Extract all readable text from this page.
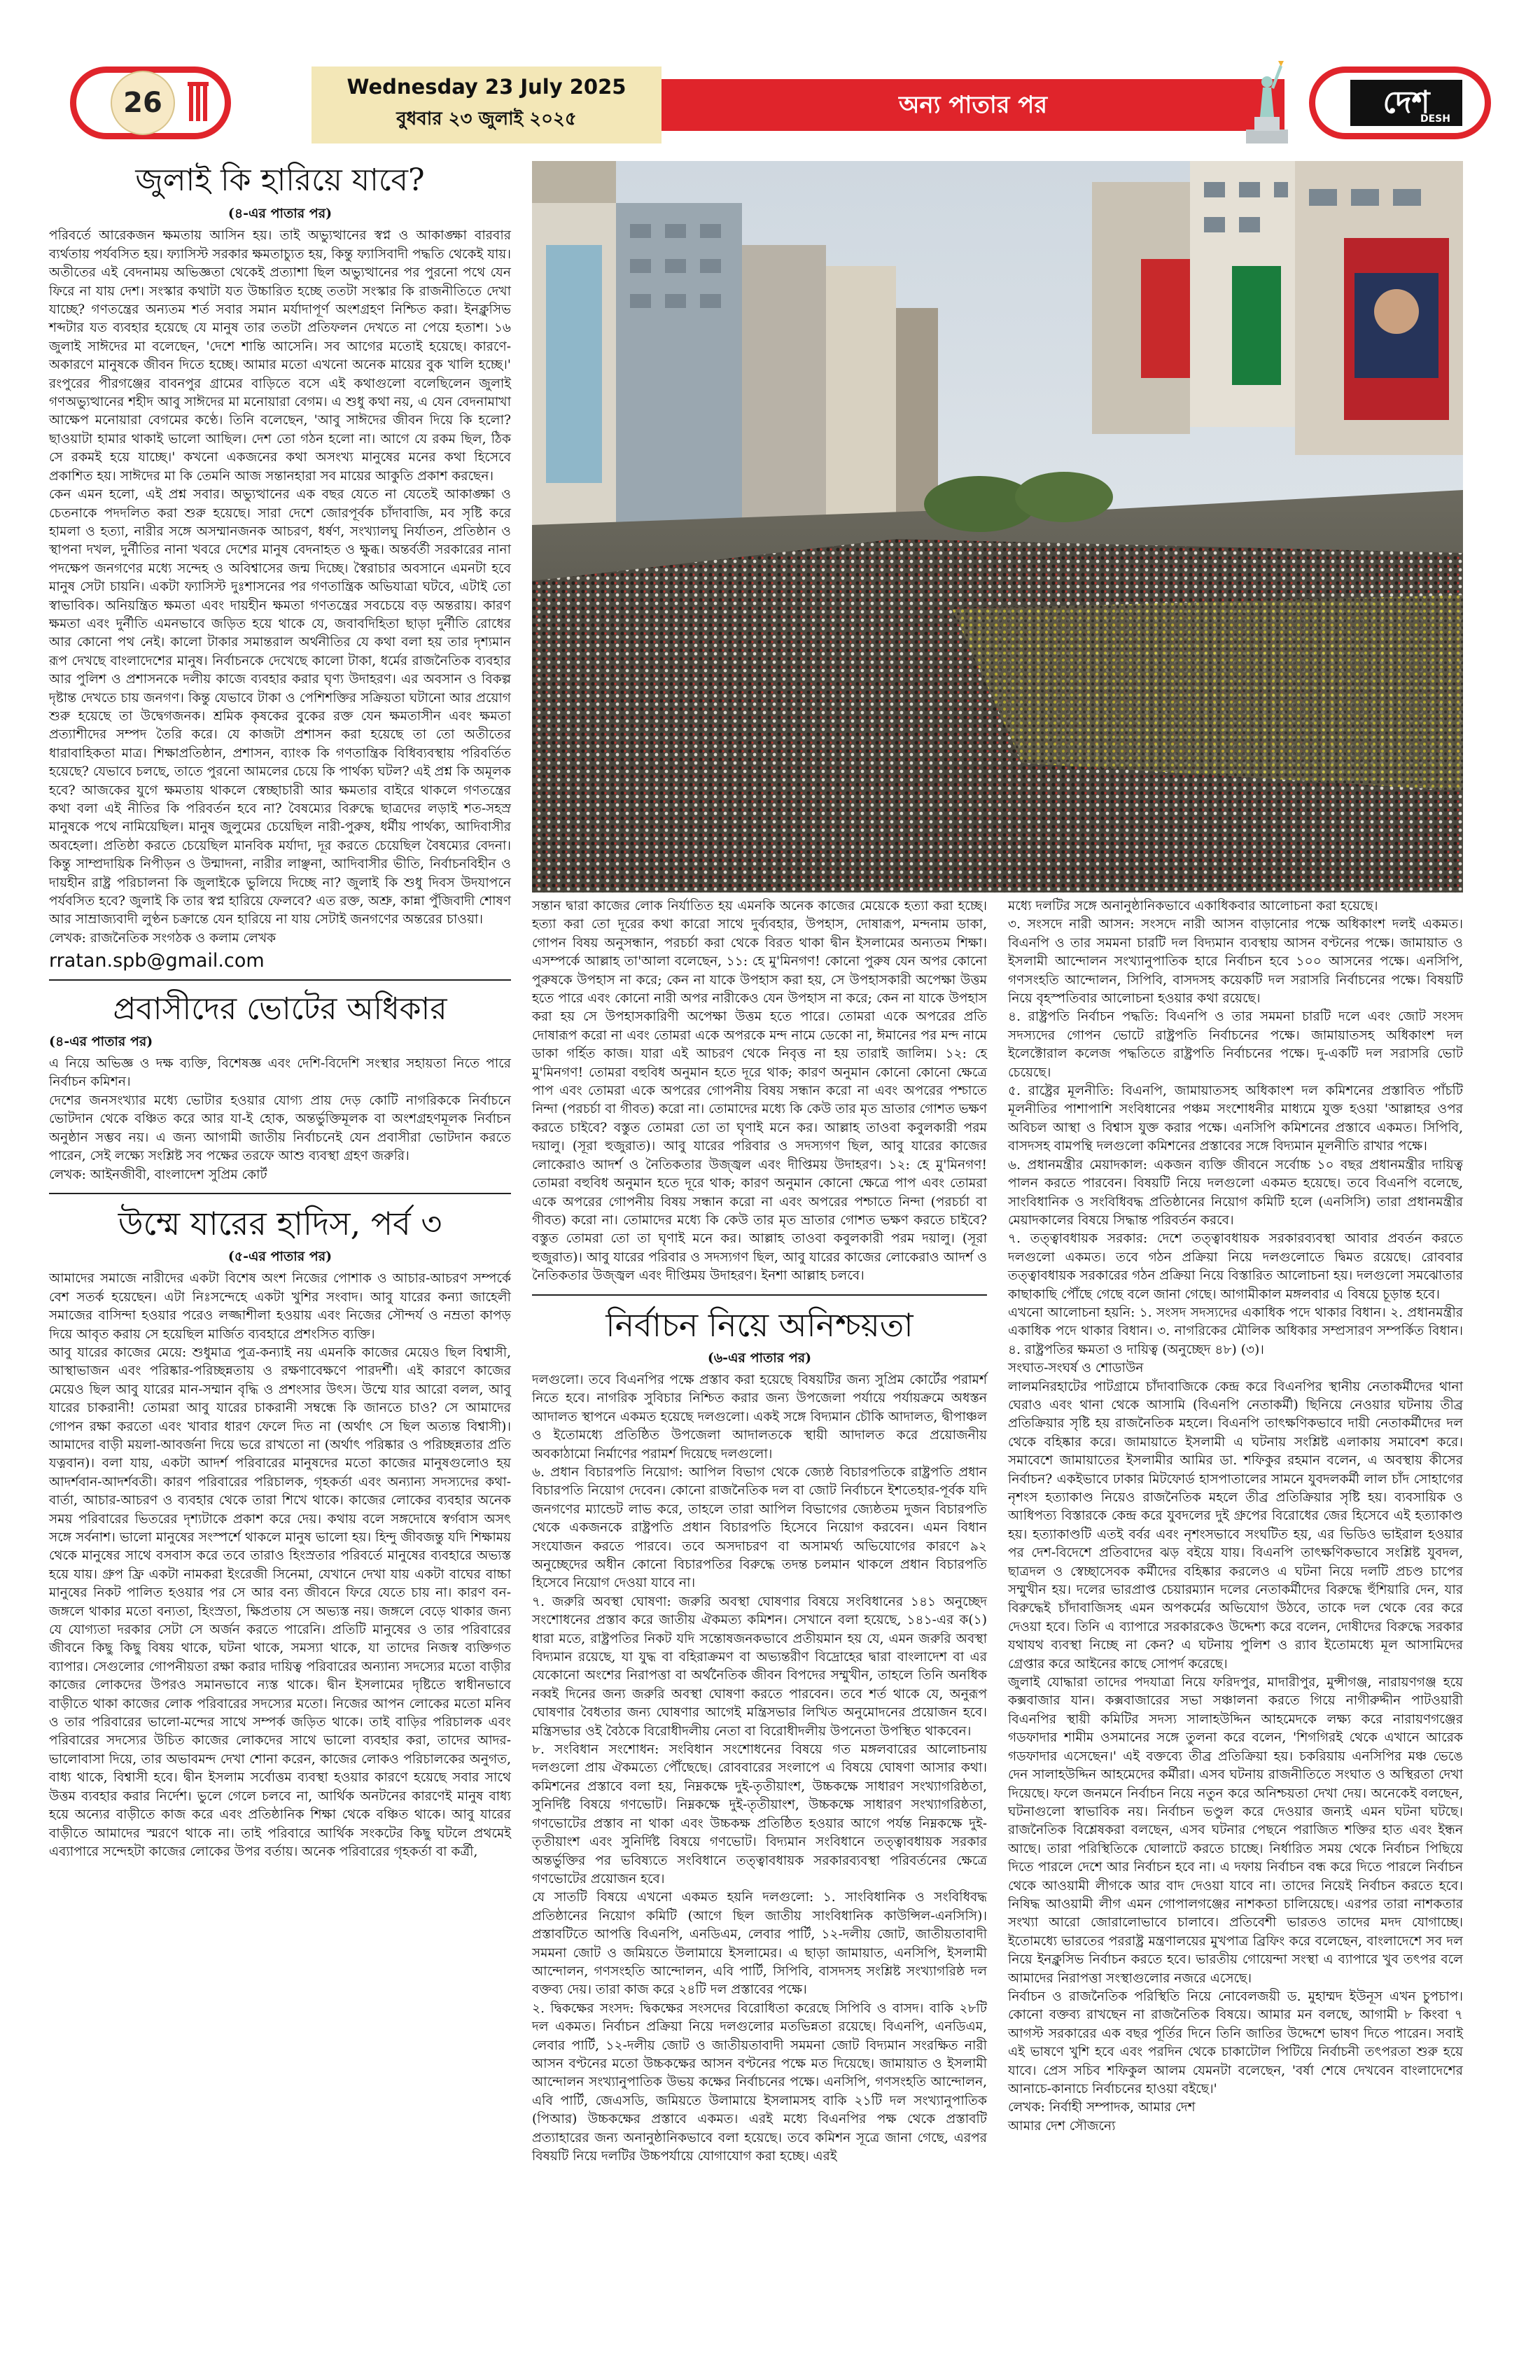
26	Wednesday 23 July 2025
বুধবার ২৩ জুলাই ২০২৫	অন্য পাতার পর	দেশ
DESH
জুলাই কি হারিয়ে যাবে?
(৪-এর পাতার পর)

পরিবর্তে আরেকজন ক্ষমতায় আসিন হয়। তাই অভ্যুত্থানের স্বপ্ন ও আকাঙ্ক্ষা বারবার ব্যর্থতায় পর্যবসিত হয়। ফ্যাসিস্ট সরকার ক্ষমতাচ্যুত হয়, কিন্তু ফ্যাসিবাদী পদ্ধতি থেকেই যায়। অতীতের এই বেদনাময় অভিজ্ঞতা থেকেই প্রত্যাশা ছিল অভ্যুত্থানের পর পুরনো পথে যেন ফিরে না যায় দেশ। সংস্কার কথাটা যত উচ্চারিত হচ্ছে ততটা সংস্কার কি রাজনীতিতে দেখা যাচ্ছে? গণতন্ত্রের অন্যতম শর্ত সবার সমান মর্যাদাপূর্ণ অংশগ্রহণ নিশ্চিত করা। ইনক্লুসিভ শব্দটার যত ব্যবহার হয়েছে যে মানুষ তার ততটা প্রতিফলন দেখতে না পেয়ে হতাশ। ১৬ জুলাই সাঈদের মা বলেছেন, 'দেশে শান্তি আসেনি। সব আগের মতোই হয়েছে। কারণে-অকারণে মানুষকে জীবন দিতে হচ্ছে। আমার মতো এখনো অনেক মায়ের বুক খালি হচ্ছে।' রংপুরের পীরগঞ্জের বাবনপুর গ্রামের বাড়িতে বসে এই কথাগুলো বলেছিলেন জুলাই গণঅভ্যুত্থানের শহীদ আবু সাঈদের মা মনোয়ারা বেগম। এ শুধু কথা নয়, এ যেন বেদনামাখা আক্ষেপ মনোয়ারা বেগমের কণ্ঠে। তিনি বলেছেন, 'আবু সাঈদের জীবন দিয়ে কি হলো? ছাওয়াটা হামার থাকাই ভালো আছিল। দেশ তো গঠন হলো না। আগে যে রকম ছিল, ঠিক সে রকমই হয়ে যাচ্ছে।' কখনো একজনের কথা অসংখ্য মানুষের মনের কথা হিসেবে প্রকাশিত হয়। সাঈদের মা কি তেমনি আজ সন্তানহারা সব মায়ের আকুতি প্রকাশ করছেন।
কেন এমন হলো, এই প্রশ্ন সবার। অভ্যুত্থানের এক বছর যেতে না যেতেই আকাঙ্ক্ষা ও চেতনাকে পদদলিত করা শুরু হয়েছে। সারা দেশে জোরপূর্বক চাঁদাবাজি, মব সৃষ্টি করে হামলা ও হত্যা, নারীর সঙ্গে অসম্মানজনক আচরণ, ধর্ষণ, সংখ্যালঘু নির্যাতন, প্রতিষ্ঠান ও স্থাপনা দখল, দুর্নীতির নানা খবরে দেশের মানুষ বেদনাহত ও ক্ষুব্ধ। অন্তর্বর্তী সরকারের নানা পদক্ষেপ জনগণের মধ্যে সন্দেহ ও অবিশ্বাসের জন্ম দিচ্ছে। স্বৈরাচার অবসানে এমনটা হবে মানুষ সেটা চায়নি। একটা ফ্যাসিস্ট দুঃশাসনের পর গণতান্ত্রিক অভিযাত্রা ঘটবে, এটাই তো স্বাভাবিক। অনিয়ন্ত্রিত ক্ষমতা এবং দায়হীন ক্ষমতা গণতন্ত্রের সবচেয়ে বড় অন্তরায়। কারণ ক্ষমতা এবং দুর্নীতি এমনভাবে জড়িত হয়ে থাকে যে, জবাবদিহিতা ছাড়া দুর্নীতি রোধের আর কোনো পথ নেই। কালো টাকার সমান্তরাল অর্থনীতির যে কথা বলা হয় তার দৃশ্যমান রূপ দেখছে বাংলাদেশের মানুষ। নির্বাচনকে দেখেছে কালো টাকা, ধর্মের রাজনৈতিক ব্যবহার আর পুলিশ ও প্রশাসনকে দলীয় কাজে ব্যবহার করার ঘৃণ্য উদাহরণ। এর অবসান ও বিকল্প দৃষ্টান্ত দেখতে চায় জনগণ। কিন্তু যেভাবে টাকা ও পেশিশক্তির সক্রিয়তা ঘটানো আর প্রয়োগ শুরু হয়েছে তা উদ্বেগজনক। শ্রমিক কৃষকের বুকের রক্ত যেন ক্ষমতাসীন এবং ক্ষমতা প্রত্যাশীদের সম্পদ তৈরি করে। যে কাজটা প্রশাসন করা হয়েছে তা তো অতীতের ধারাবাহিকতা মাত্র। শিক্ষাপ্রতিষ্ঠান, প্রশাসন, ব্যাংক কি গণতান্ত্রিক বিধিব্যবস্থায় পরিবর্তিত হয়েছে? যেভাবে চলছে, তাতে পুরনো আমলের চেয়ে কি পার্থক্য ঘটল? এই প্রশ্ন কি অমূলক হবে? আজকের যুগে ক্ষমতায় থাকলে স্বেচ্ছাচারী আর ক্ষমতার বাইরে থাকলে গণতন্ত্রের কথা বলা এই নীতির কি পরিবর্তন হবে না? বৈষম্যের বিরুদ্ধে ছাত্রদের লড়াই শত-সহস্র মানুষকে পথে নামিয়েছিল। মানুষ জুলুমের চেয়েছিল নারী-পুরুষ, ধর্মীয় পার্থক্য, আদিবাসীর অবহেলা। প্রতিষ্ঠা করতে চেয়েছিল মানবিক মর্যাদা, দূর করতে চেয়েছিল বৈষম্যের বেদনা। কিন্তু সাম্প্রদায়িক নিপীড়ন ও উন্মাদনা, নারীর লাঞ্ছনা, আদিবাসীর ভীতি, নির্বাচনবিহীন ও দায়হীন রাষ্ট্র পরিচালনা কি জুলাইকে ভুলিয়ে দিচ্ছে না? জুলাই কি শুধু দিবস উদযাপনে পর্যবসিত হবে? জুলাই কি তার স্বপ্ন হারিয়ে ফেলবে? এত রক্ত, অশ্রু, কান্না পুঁজিবাদী শোষণ আর সাম্রাজ্যবাদী লুণ্ঠন চক্রান্তে যেন হারিয়ে না যায় সেটাই জনগণের অন্তরের চাওয়া।

লেখক: রাজনৈতিক সংগঠক ও কলাম লেখক

rratan.spb@gmail.com
প্রবাসীদের ভোটের অধিকার
(৪-এর পাতার পর)

এ নিয়ে অভিজ্ঞ ও দক্ষ ব্যক্তি, বিশেষজ্ঞ এবং দেশি-বিদেশি সংস্থার সহায়তা নিতে পারে নির্বাচন কমিশন।
দেশের জনসংখ্যার মধ্যে ভোটার হওয়ার যোগ্য প্রায় দেড় কোটি নাগরিককে নির্বাচনে ভোটদান থেকে বঞ্চিত করে আর যা-ই হোক, অন্তর্ভুক্তিমূলক বা অংশগ্রহণমূলক নির্বাচন অনুষ্ঠান সম্ভব নয়। এ জন্য আগামী জাতীয় নির্বাচনেই যেন প্রবাসীরা ভোটদান করতে পারেন, সেই লক্ষ্যে সংশ্লিষ্ট সব পক্ষের তরফে আশু ব্যবস্থা গ্রহণ জরুরি।

লেখক: আইনজীবী, বাংলাদেশ সুপ্রিম কোর্ট

উম্মে যারের হাদিস, পর্ব ৩
(৫-এর পাতার পর)

আমাদের সমাজে নারীদের একটা বিশেষ অংশ নিজের পোশাক ও আচার-আচরণ সম্পর্কে বেশ সতর্ক হয়েছেন। এটা নিঃসন্দেহে একটা খুশির সংবাদ। আবু যারের কন্যা জাহেলী সমাজের বাসিন্দা হওয়ার পরেও লজ্জাশীলা হওয়ায় এবং নিজের সৌন্দর্য ও নম্রতা কাপড় দিয়ে আবৃত করায় সে হয়েছিল মার্জিত ব্যবহারে প্রশংসিত ব্যক্তি।
আবু যারের কাজের মেয়ে: শুধুমাত্র পুত্র-কন্যাই নয় এমনকি কাজের মেয়েও ছিল বিশ্বাসী, আস্থাভাজন এবং পরিষ্কার-পরিচ্ছন্নতায় ও রক্ষণাবেক্ষণে পারদর্শী। এই কারণে কাজের মেয়েও ছিল আবু যারের মান-সম্মান বৃদ্ধি ও প্রশংসার উৎস। উম্মে যার আরো বলল, আবু যারের চাকরানী! তোমরা আবু যারের চাকরানী সম্বন্ধে কি জানতে চাও? সে আমাদের গোপন রক্ষা করতো এবং খাবার ধারণ ফেলে দিত না (অর্থাৎ সে ছিল অত্যন্ত বিশ্বাসী)। আমাদের বাড়ী ময়লা-আবর্জনা দিয়ে ভরে রাখতো না (অর্থাৎ পরিষ্কার ও পরিচ্ছন্নতার প্রতি যত্নবান)। বলা যায়, একটা আদর্শ পরিবারের মানুষদের মতো কাজের মানুষগুলোও হয় আদর্শবান-আদর্শবতী। কারণ পরিবারের পরিচালক, গৃহকর্তা এবং অন্যান্য সদস্যদের কথা-বার্তা, আচার-আচরণ ও ব্যবহার থেকে তারা শিখে থাকে। কাজের লোকের ব্যবহার অনেক সময় পরিবারের ভিতরের দৃশ্যটাকে প্রকাশ করে দেয়। কথায় বলে সঙ্গদোষে স্বর্গবাস অসৎ সঙ্গে সর্বনাশ। ভালো মানুষের সংস্পর্শে থাকলে মানুষ ভালো হয়। হিন্দু জীবজন্তু যদি শিক্ষাময় থেকে মানুষের সাথে বসবাস করে তবে তারাও হিংস্রতার পরিবর্তে মানুষের ব্যবহারে অভ্যস্ত হয়ে যায়। গ্রুপ ফ্রি একটা নামকরা ইংরেজী সিনেমা, যেখানে দেখা যায় একটা বাঘের বাচ্চা মানুষের নিকট পালিত হওয়ার পর সে আর বন্য জীবনে ফিরে যেতে চায় না। কারণ বন-জঙ্গলে থাকার মতো বন্যতা, হিংস্রতা, ক্ষিপ্রতায় সে অভ্যস্ত নয়। জঙ্গলে বেড়ে থাকার জন্য যে যোগ্যতা দরকার সেটা সে অর্জন করতে পারেনি। প্রতিটি মানুষের ও তার পরিবারের জীবনে কিছু কিছু বিষয় থাকে, ঘটনা থাকে, সমস্যা থাকে, যা তাদের নিজস্ব ব্যক্তিগত ব্যাপার। সেগুলোর গোপনীয়তা রক্ষা করার দায়িত্ব পরিবারের অন্যান্য সদস্যের মতো বাড়ীর কাজের লোকদের উপরও সমানভাবে ন্যস্ত থাকে। দ্বীন ইসলামের দৃষ্টিতে স্বাধীনভাবে বাড়ীতে থাকা কাজের লোক পরিবারের সদস্যের মতো। নিজের আপন লোকের মতো মনিব ও তার পরিবারের ভালো-মন্দের সাথে সম্পর্ক জড়িত থাকে। তাই বাড়ির পরিচালক এবং পরিবারের সদস্যের উচিত কাজের লোকদের সাথে ভালো ব্যবহার করা, তাদের আদর-ভালোবাসা দিয়ে, তার অভাবমন্দ দেখা শোনা করেন, কাজের লোকও পরিচালকের অনুগত, বাধ্য থাকে, বিশ্বাসী হবে। দ্বীন ইসলাম সর্বোত্তম ব্যবস্থা হওয়ার কারণে হয়েছে সবার সাথে উত্তম ব্যবহার করার নির্দেশ। ভুলে গেলে চলবে না, আর্থিক অনটনের কারণেই মানুষ বাধ্য হয়ে অন্যের বাড়ীতে কাজ করে এবং প্রতিষ্ঠানিক শিক্ষা থেকে বঞ্চিত থাকে। আবু যারের বাড়ীতে আমাদের স্মরণে থাকে না। তাই পরিবারে আর্থিক সংকটের কিছু ঘটলে প্রথমেই এব্যাপারে সন্দেহটা কাজের লোকের উপর বর্তায়। অনেক পরিবারের গৃহকর্তা বা কর্ত্রী,

সন্তান দ্বারা কাজের লোক নির্যাতিত হয় এমনকি অনেক কাজের মেয়েকে হত্যা করা হচ্ছে। হত্যা করা তো দূরের কথা কারো সাথে দুর্ব্যবহার, উপহাস, দোষারূপ, মন্দনাম ডাকা, গোপন বিষয় অনুসন্ধান, পরচর্চা করা থেকে বিরত থাকা দ্বীন ইসলামের অন্যতম শিক্ষা। এসম্পর্কে আল্লাহ তা'আলা বলেছেন, ১১: হে মু'মিনগণ! কোনো পুরুষ যেন অপর কোনো পুরুষকে উপহাস না করে; কেন না যাকে উপহাস করা হয়, সে উপহাসকারী অপেক্ষা উত্তম হতে পারে এবং কোনো নারী অপর নারীকেও যেন উপহাস না করে; কেন না যাকে উপহাস করা হয় সে উপহাসকারিণী অপেক্ষা উত্তম হতে পারে। তোমরা একে অপরের প্রতি দোষারূপ করো না এবং তোমরা একে অপরকে মন্দ নামে ডেকো না, ঈমানের পর মন্দ নামে ডাকা গর্হিত কাজ। যারা এই আচরণ থেকে নিবৃত্ত না হয় তারাই জালিম। ১২: হে মু'মিনগণ! তোমরা বহুবিধ অনুমান হতে দূরে থাক; কারণ অনুমান কোনো কোনো ক্ষেত্রে পাপ এবং তোমরা একে অপরের গোপনীয় বিষয় সন্ধান করো না এবং অপরের পশ্চাতে নিন্দা (পরচর্চা বা গীবত) করো না। তোমাদের মধ্যে কি কেউ তার মৃত ভ্রাতার গোশত ভক্ষণ করতে চাইবে? বস্তুত তোমরা তো তা ঘৃণাই মনে কর। আল্লাহ তাওবা কবুলকারী পরম দয়ালু। (সূরা হুজুরাত)। আবু যারের পরিবার ও সদস্যগণ ছিল, আবু যারের কাজের লোকেরাও আদর্শ ও নৈতিকতার উজ্জ্বল এবং দীপ্তিময় উদাহরণ। ১২: হে মু'মিনগণ! তোমরা বহুবিধ অনুমান হতে দূরে থাক; কারণ অনুমান কোনো ক্ষেত্রে পাপ এবং তোমরা একে অপরের গোপনীয় বিষয় সন্ধান করো না এবং অপরের পশ্চাতে নিন্দা (পরচর্চা বা গীবত) করো না। তোমাদের মধ্যে কি কেউ তার মৃত ভ্রাতার গোশত ভক্ষণ করতে চাইবে? বস্তুত তোমরা তো তা ঘৃণাই মনে কর। আল্লাহ তাওবা কবুলকারী পরম দয়ালু। (সূরা হুজুরাত)। আবু যারের পরিবার ও সদস্যগণ ছিল, আবু যারের কাজের লোকেরাও আদর্শ ও নৈতিকতার উজ্জ্বল এবং দীপ্তিময় উদাহরণ। ইনশা আল্লাহ চলবে।

নির্বাচন নিয়ে অনিশ্চয়তা
(৬-এর পাতার পর)

দলগুলো। তবে বিএনপির পক্ষে প্রস্তাব করা হয়েছে বিষয়টির জন্য সুপ্রিম কোর্টের পরামর্শ নিতে হবে। নাগরিক সুবিচার নিশ্চিত করার জন্য উপজেলা পর্যায়ে পর্যায়ক্রমে অধস্তন আদালত স্থাপনে একমত হয়েছে দলগুলো। একই সঙ্গে বিদ্যমান চৌকি আদালত, দ্বীপাঞ্চল ও ইতোমধ্যে প্রতিষ্ঠিত উপজেলা আদালতকে স্থায়ী আদালত করে প্রয়োজনীয় অবকাঠামো নির্মাণের পরামর্শ দিয়েছে দলগুলো।
৬. প্রধান বিচারপতি নিয়োগ: আপিল বিভাগ থেকে জ্যেষ্ঠ বিচারপতিকে রাষ্ট্রপতি প্রধান বিচারপতি নিয়োগ দেবেন। কোনো রাজনৈতিক দল বা জোট নির্বাচনে ইশতেহার-পূর্বক যদি জনগণের ম্যান্ডেট লাভ করে, তাহলে তারা আপিল বিভাগের জ্যেষ্ঠতম দুজন বিচারপতি থেকে একজনকে রাষ্ট্রপতি প্রধান বিচারপতি হিসেবে নিয়োগ করবেন। এমন বিধান সংযোজন করতে পারবে। তবে অসদাচরণ বা অসামর্থ্য অভিযোগের কারণে ৯২ অনুচ্ছেদের অধীন কোনো বিচারপতির বিরুদ্ধে তদন্ত চলমান থাকলে প্রধান বিচারপতি হিসেবে নিয়োগ দেওয়া যাবে না।
৭. জরুরি অবস্থা ঘোষণা: জরুরি অবস্থা ঘোষণার বিষয়ে সংবিধানের ১৪১ অনুচ্ছেদ সংশোধনের প্রস্তাব করে জাতীয় ঐকমত্য কমিশন। সেখানে বলা হয়েছে, ১৪১-এর ক(১) ধারা মতে, রাষ্ট্রপতির নিকট যদি সন্তোষজনকভাবে প্রতীয়মান হয় যে, এমন জরুরি অবস্থা বিদ্যমান রয়েছে, যা যুদ্ধ বা বহিরাক্রমণ বা অভ্যন্তরীণ বিদ্রোহের দ্বারা বাংলাদেশ বা এর যেকোনো অংশের নিরাপত্তা বা অর্থনৈতিক জীবন বিপদের সম্মুখীন, তাহলে তিনি অনধিক নব্বই দিনের জন্য জরুরি অবস্থা ঘোষণা করতে পারবেন। তবে শর্ত থাকে যে, অনুরূপ ঘোষণার বৈধতার জন্য ঘোষণার আগেই মন্ত্রিসভার লিখিত অনুমোদনের প্রয়োজন হবে। মন্ত্রিসভার ওই বৈঠকে বিরোধীদলীয় নেতা বা বিরোধীদলীয় উপনেতা উপস্থিত থাকবেন।
৮. সংবিধান সংশোধন: সংবিধান সংশোধনের বিষয়ে গত মঙ্গলবারের আলোচনায় দলগুলো প্রায় ঐকমত্যে পৌঁছেছে। রোববারের সংলাপে এ বিষয়ে ঘোষণা আসার কথা। কমিশনের প্রস্তাবে বলা হয়, নিম্নকক্ষে দুই-তৃতীয়াংশ, উচ্চকক্ষে সাধারণ সংখ্যাগরিষ্ঠতা, সুনির্দিষ্ট বিষয়ে গণভোট। নিম্নকক্ষে দুই-তৃতীয়াংশ, উচ্চকক্ষে সাধারণ সংখ্যাগরিষ্ঠতা, গণভোটের প্রস্তাব না থাকা এবং উচ্চকক্ষ প্রতিষ্ঠিত হওয়ার আগে পর্যন্ত নিম্নকক্ষে দুই-তৃতীয়াংশ এবং সুনির্দিষ্ট বিষয়ে গণভোট। বিদ্যমান সংবিধানে তত্ত্বাবধায়ক সরকার অন্তর্ভুক্তির পর ভবিষ্যতে সংবিধানে তত্ত্বাবধায়ক সরকারব্যবস্থা পরিবর্তনের ক্ষেত্রে গণভোটের প্রয়োজন হবে।
যে সাতটি বিষয়ে এখনো একমত হয়নি দলগুলো: ১. সাংবিধানিক ও সংবিধিবদ্ধ প্রতিষ্ঠানের নিয়োগ কমিটি (আগে ছিল জাতীয় সাংবিধানিক কাউন্সিল-এনসিসি)। প্রস্তাবটিতে আপত্তি বিএনপি, এনডিএম, লেবার পার্টি, ১২-দলীয় জোট, জাতীয়তাবাদী সমমনা জোট ও জমিয়তে উলামায়ে ইসলামের। এ ছাড়া জামায়াত, এনসিপি, ইসলামী আন্দোলন, গণসংহতি আন্দোলন, এবি পার্টি, সিপিবি, বাসদসহ সংশ্লিষ্ট সংখ্যাগরিষ্ঠ দল বক্তব্য দেয়। তারা কাজ করে ২৪টি দল প্রস্তাবের পক্ষে।
২. দ্বিকক্ষের সংসদ: দ্বিকক্ষের সংসদের বিরোধিতা করেছে সিপিবি ও বাসদ। বাকি ২৮টি দল একমত। নির্বাচন প্রক্রিয়া নিয়ে দলগুলোর মতভিন্নতা রয়েছে। বিএনপি, এনডিএম, লেবার পার্টি, ১২-দলীয় জোট ও জাতীয়তাবাদী সমমনা জোট বিদ্যমান সংরক্ষিত নারী আসন বণ্টনের মতো উচ্চকক্ষের আসন বণ্টনের পক্ষে মত দিয়েছে। জামায়াত ও ইসলামী আন্দোলন সংখ্যানুপাতিক উভয় কক্ষের নির্বাচনের পক্ষে। এনসিপি, গণসংহতি আন্দোলন, এবি পার্টি, জেএসডি, জমিয়তে উলামায়ে ইসলামসহ বাকি ২১টি দল সংখ্যানুপাতিক (পিআর) উচ্চকক্ষের প্রস্তাবে একমত। এরই মধ্যে বিএনপির পক্ষ থেকে প্রস্তাবটি প্রত্যাহারের জন্য অনানুষ্ঠানিকভাবে বলা হয়েছে। তবে কমিশন সূত্রে জানা গেছে, এরপর বিষয়টি নিয়ে দলটির উচ্চপর্যায়ে যোগাযোগ করা হচ্ছে। এরই

মধ্যে দলটির সঙ্গে অনানুষ্ঠানিকভাবে একাধিকবার আলোচনা করা হয়েছে।
৩. সংসদে নারী আসন: সংসদে নারী আসন বাড়ানোর পক্ষে অধিকাংশ দলই একমত। বিএনপি ও তার সমমনা চারটি দল বিদ্যমান ব্যবস্থায় আসন বণ্টনের পক্ষে। জামায়াত ও ইসলামী আন্দোলন সংখ্যানুপাতিক হারে নির্বাচন হবে ১০০ আসনের পক্ষে। এনসিপি, গণসংহতি আন্দোলন, সিপিবি, বাসদসহ কয়েকটি দল সরাসরি নির্বাচনের পক্ষে। বিষয়টি নিয়ে বৃহস্পতিবার আলোচনা হওয়ার কথা রয়েছে।
৪. রাষ্ট্রপতি নির্বাচন পদ্ধতি: বিএনপি ও তার সমমনা চারটি দলে এবং জোট সংসদ সদস্যদের গোপন ভোটে রাষ্ট্রপতি নির্বাচনের পক্ষে। জামায়াতসহ অধিকাংশ দল ইলেক্টোরাল কলেজ পদ্ধতিতে রাষ্ট্রপতি নির্বাচনের পক্ষে। দু-একটি দল সরাসরি ভোট চেয়েছে।
৫. রাষ্ট্রের মূলনীতি: বিএনপি, জামায়াতসহ অধিকাংশ দল কমিশনের প্রস্তাবিত পাঁচটি মূলনীতির পাশাপাশি সংবিধানের পঞ্চম সংশোধনীর মাধ্যমে যুক্ত হওয়া 'আল্লাহর ওপর অবিচল আস্থা ও বিশ্বাস যুক্ত করার পক্ষে। এনসিপি কমিশনের প্রস্তাবে একমত। সিপিবি, বাসদসহ বামপন্থি দলগুলো কমিশনের প্রস্তাবের সঙ্গে বিদ্যমান মূলনীতি রাখার পক্ষে।
৬. প্রধানমন্ত্রীর মেয়াদকাল: একজন ব্যক্তি জীবনে সর্বোচ্চ ১০ বছর প্রধানমন্ত্রীর দায়িত্ব পালন করতে পারবেন। বিষয়টি নিয়ে দলগুলো একমত হয়েছে। তবে বিএনপি বলেছে, সাংবিধানিক ও সংবিধিবদ্ধ প্রতিষ্ঠানের নিয়োগ কমিটি হলে (এনসিসি) তারা প্রধানমন্ত্রীর মেয়াদকালের বিষয়ে সিদ্ধান্ত পরিবর্তন করবে।
৭. তত্ত্বাবধায়ক সরকার: দেশে তত্ত্বাবধায়ক সরকারব্যবস্থা আবার প্রবর্তন করতে দলগুলো একমত। তবে গঠন প্রক্রিয়া নিয়ে দলগুলোতে দ্বিমত রয়েছে। রোববার তত্ত্বাবধায়ক সরকারের গঠন প্রক্রিয়া নিয়ে বিস্তারিত আলোচনা হয়। দলগুলো সমঝোতার কাছাকাছি পৌঁছে গেছে বলে জানা গেছে। আগামীকাল মঙ্গলবার এ বিষয়ে চূড়ান্ত হবে।
এখনো আলোচনা হয়নি: ১. সংসদ সদস্যদের একাধিক পদে থাকার বিধান। ২. প্রধানমন্ত্রীর একাধিক পদে থাকার বিধান। ৩. নাগরিকের মৌলিক অধিকার সম্প্রসারণ সম্পর্কিত বিধান। ৪. রাষ্ট্রপতির ক্ষমতা ও দায়িত্ব (অনুচ্ছেদ ৪৮) (৩)।
সংঘাত-সংঘর্ষ ও শোডাউন
লালমনিরহাটের পাটগ্রামে চাঁদাবাজিকে কেন্দ্র করে বিএনপির স্থানীয় নেতাকর্মীদের থানা ঘেরাও এবং থানা থেকে আসামি (বিএনপি নেতাকর্মী) ছিনিয়ে নেওয়ার ঘটনায় তীব্র প্রতিক্রিয়ার সৃষ্টি হয় রাজনৈতিক মহলে। বিএনপি তাৎক্ষণিকভাবে দায়ী নেতাকর্মীদের দল থেকে বহিষ্কার করে। জামায়াতে ইসলামী এ ঘটনায় সংশ্লিষ্ট এলাকায় সমাবেশ করে। সমাবেশে জামায়াতের ইসলামীর আমির ডা. শফিকুর রহমান বলেন, এ অবস্থায় কীসের নির্বাচন? একইভাবে ঢাকার মিটফোর্ড হাসপাতালের সামনে যুবদলকর্মী লাল চাঁদ সোহাগের নৃশংস হত্যাকাণ্ড নিয়েও রাজনৈতিক মহলে তীব্র প্রতিক্রিয়ার সৃষ্টি হয়। ব্যবসায়িক ও আধিপত্য বিস্তারকে কেন্দ্র করে যুবদলের দুই গ্রুপের বিরোধের জের হিসেবে এই হত্যাকাণ্ড হয়। হত্যাকাণ্ডটি এতই বর্বর এবং নৃশংসভাবে সংঘটিত হয়, এর ভিডিও ভাইরাল হওয়ার পর দেশ-বিদেশে প্রতিবাদের ঝড় বইয়ে যায়। বিএনপি তাৎক্ষণিকভাবে সংশ্লিষ্ট যুবদল, ছাত্রদল ও স্বেচ্ছাসেবক কর্মীদের বহিষ্কার করলেও এ ঘটনা নিয়ে দলটি প্রচণ্ড চাপের সম্মুখীন হয়। দলের ভারপ্রাপ্ত চেয়ারম্যান দলের নেতাকর্মীদের বিরুদ্ধে হুঁশিয়ারি দেন, যার বিরুদ্ধেই চাঁদাবাজিসহ এমন অপকর্মের অভিযোগ উঠবে, তাকে দল থেকে বের করে দেওয়া হবে। তিনি এ ব্যাপারে সরকারকেও উদ্দেশ্য করে বলেন, দোষীদের বিরুদ্ধে সরকার যথাযথ ব্যবস্থা নিচ্ছে না কেন? এ ঘটনায় পুলিশ ও র‍্যাব ইতোমধ্যে মূল আসামিদের গ্রেপ্তার করে আইনের কাছে সোপর্দ করেছে।
জুলাই যোদ্ধারা তাদের পদযাত্রা নিয়ে ফরিদপুর, মাদারীপুর, মুন্সীগঞ্জ, নারায়ণগঞ্জ হয়ে কক্সবাজার যান। কক্সবাজারের সভা সঞ্চালনা করতে গিয়ে নাগীরুদ্দীন পাটওয়ারী বিএনপির স্থায়ী কমিটির সদস্য সালাহউদ্দিন আহমেদকে লক্ষ্য করে নারায়ণগঞ্জের গডফাদার শামীম ওসমানের সঙ্গে তুলনা করে বলেন, 'শিগগিরই থেকে এখানে আরেক গডফাদার এসেছেন।' এই বক্তব্যে তীব্র প্রতিক্রিয়া হয়। চকরিয়ায় এনসিপির মঞ্চ ভেঙে দেন সালাহউদ্দিন আহমেদের কর্মীরা। এসব ঘটনায় রাজনীতিতে সংঘাত ও অস্থিরতা দেখা দিয়েছে। ফলে জনমনে নির্বাচন নিয়ে নতুন করে অনিশ্চয়তা দেখা দেয়। অনেকেই বলছেন, ঘটনাগুলো স্বাভাবিক নয়। নির্বাচন ভণ্ডুল করে দেওয়ার জন্যই এমন ঘটনা ঘটছে। রাজনৈতিক বিশ্লেষকরা বলছেন, এসব ঘটনার পেছনে পরাজিত শক্তির হাত এবং ইন্ধন আছে। তারা পরিস্থিতিকে ঘোলাটে করতে চাচ্ছে। নির্ধারিত সময় থেকে নির্বাচন পিছিয়ে দিতে পারলে দেশে আর নির্বাচন হবে না। এ দফায় নির্বাচন বন্ধ করে দিতে পারলে নির্বাচন থেকে আওয়ামী লীগকে আর বাদ দেওয়া যাবে না। তাদের নিয়েই নির্বাচন করতে হবে। নিষিদ্ধ আওয়ামী লীগ এমন গোপালগঞ্জের নাশকতা চালিয়েছে। এরপর তারা নাশকতার সংখ্যা আরো জোরালোভাবে চালাবে। প্রতিবেশী ভারতও তাদের মদদ যোগাচ্ছে। ইতোমধ্যে ভারতের পররাষ্ট্র মন্ত্রণালয়ের মুখপাত্র ব্রিফিং করে বলেছেন, বাংলাদেশে সব দল নিয়ে ইনক্লুসিভ নির্বাচন করতে হবে। ভারতীয় গোয়েন্দা সংস্থা এ ব্যাপারে খুব তৎপর বলে আমাদের নিরাপত্তা সংস্থাগুলোর নজরে এসেছে।
নির্বাচন ও রাজনৈতিক পরিস্থিতি নিয়ে নোবেলজয়ী ড. মুহাম্মদ ইউনূস এখন চুপচাপ। কোনো বক্তব্য রাখছেন না রাজনৈতিক বিষয়ে। আমার মন বলছে, আগামী ৮ কিংবা ৭ আগস্ট সরকারের এক বছর পূর্তির দিনে তিনি জাতির উদ্দেশে ভাষণ দিতে পারেন। সবাই এই ভাষণে খুশি হবে এবং পরদিন থেকে চাকাটোল পিটিয়ে নির্বাচনী তৎপরতা শুরু হয়ে যাবে। প্রেস সচিব শফিকুল আলম যেমনটা বলেছেন, 'বর্ষা শেষে দেখবেন বাংলাদেশের আনাচে-কানাচে নির্বাচনের হাওয়া বইছে।'

লেখক: নির্বাহী সম্পাদক, আমার দেশ

আমার দেশ সৌজন্যে
